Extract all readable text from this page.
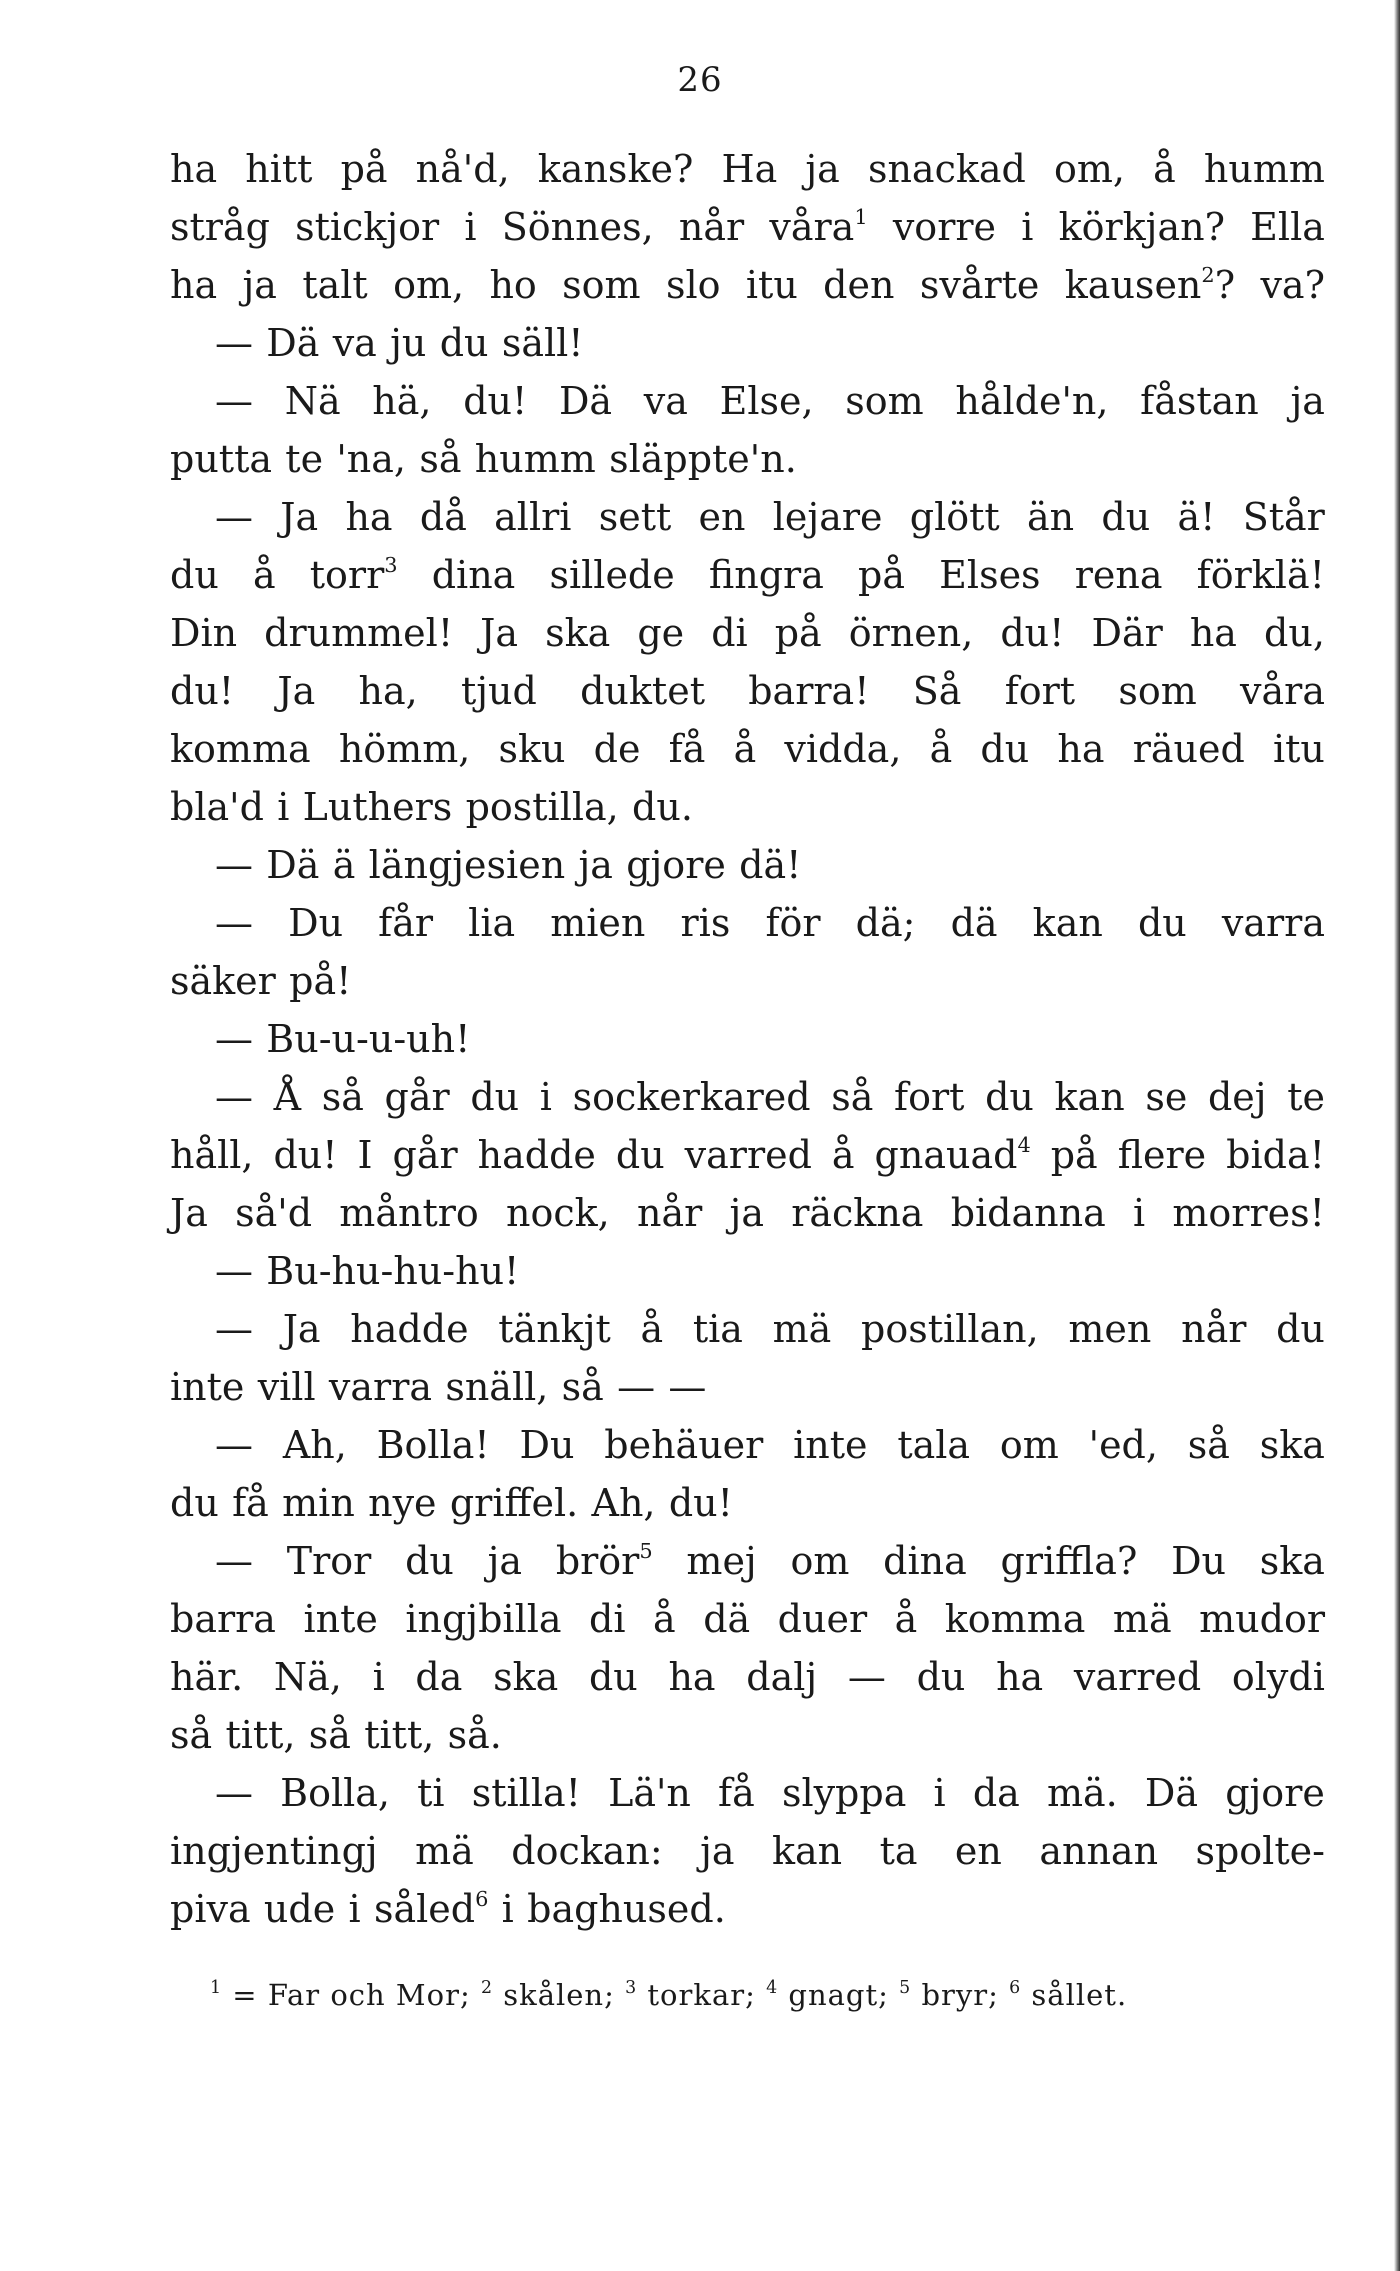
26
ha hitt på nå'd, kanske? Ha ja snackad om, å humm
stråg stickjor i Sönnes, når våra$^1$ vorre i körkjan? Ella
ha ja talt om, ho som slo itu den svårte kausen$^2$? va?
— Dä va ju du säll!
— Nä hä, du! Dä va Else, som hålde'n, fåstan ja
putta te 'na, så humm släppte'n.
— Ja ha då allri sett en lejare glött än du ä! Står
du å torr$^3$ dina sillede fingra på Elses rena förklä!
Din drummel! Ja ska ge di på örnen, du! Där ha du,
du! Ja ha, tjud duktet barra! Så fort som våra
komma hömm, sku de få å vidda, å du ha räued itu
bla'd i Luthers postilla, du.
— Dä ä längjesien ja gjore dä!
— Du får lia mien ris för dä; dä kan du varra
säker på!
— Bu-u-u-uh!
— Å så går du i sockerkared så fort du kan se dej te
håll, du! I går hadde du varred å gnauad$^4$ på flere bida!
Ja så'd måntro nock, når ja räckna bidanna i morres!
— Bu-hu-hu-hu!
— Ja hadde tänkjt å tia mä postillan, men når du
inte vill varra snäll, så — —
— Ah, Bolla! Du behäuer inte tala om 'ed, så ska
du få min nye griffel. Ah, du!
— Tror du ja brör$^5$ mej om dina griffla? Du ska
barra inte ingjbilla di å dä duer å komma mä mudor
här. Nä, i da ska du ha dalj — du ha varred olydi
så titt, så titt, så.
— Bolla, ti stilla! Lä'n få slyppa i da mä. Dä gjore
ingjentingj mä dockan: ja kan ta en annan spolte-
piva ude i såled$^6$ i baghused.
$^1$ = Far och Mor; $^2$ skålen; $^3$ torkar; $^4$ gnagt; $^5$ bryr; $^6$ sållet.
